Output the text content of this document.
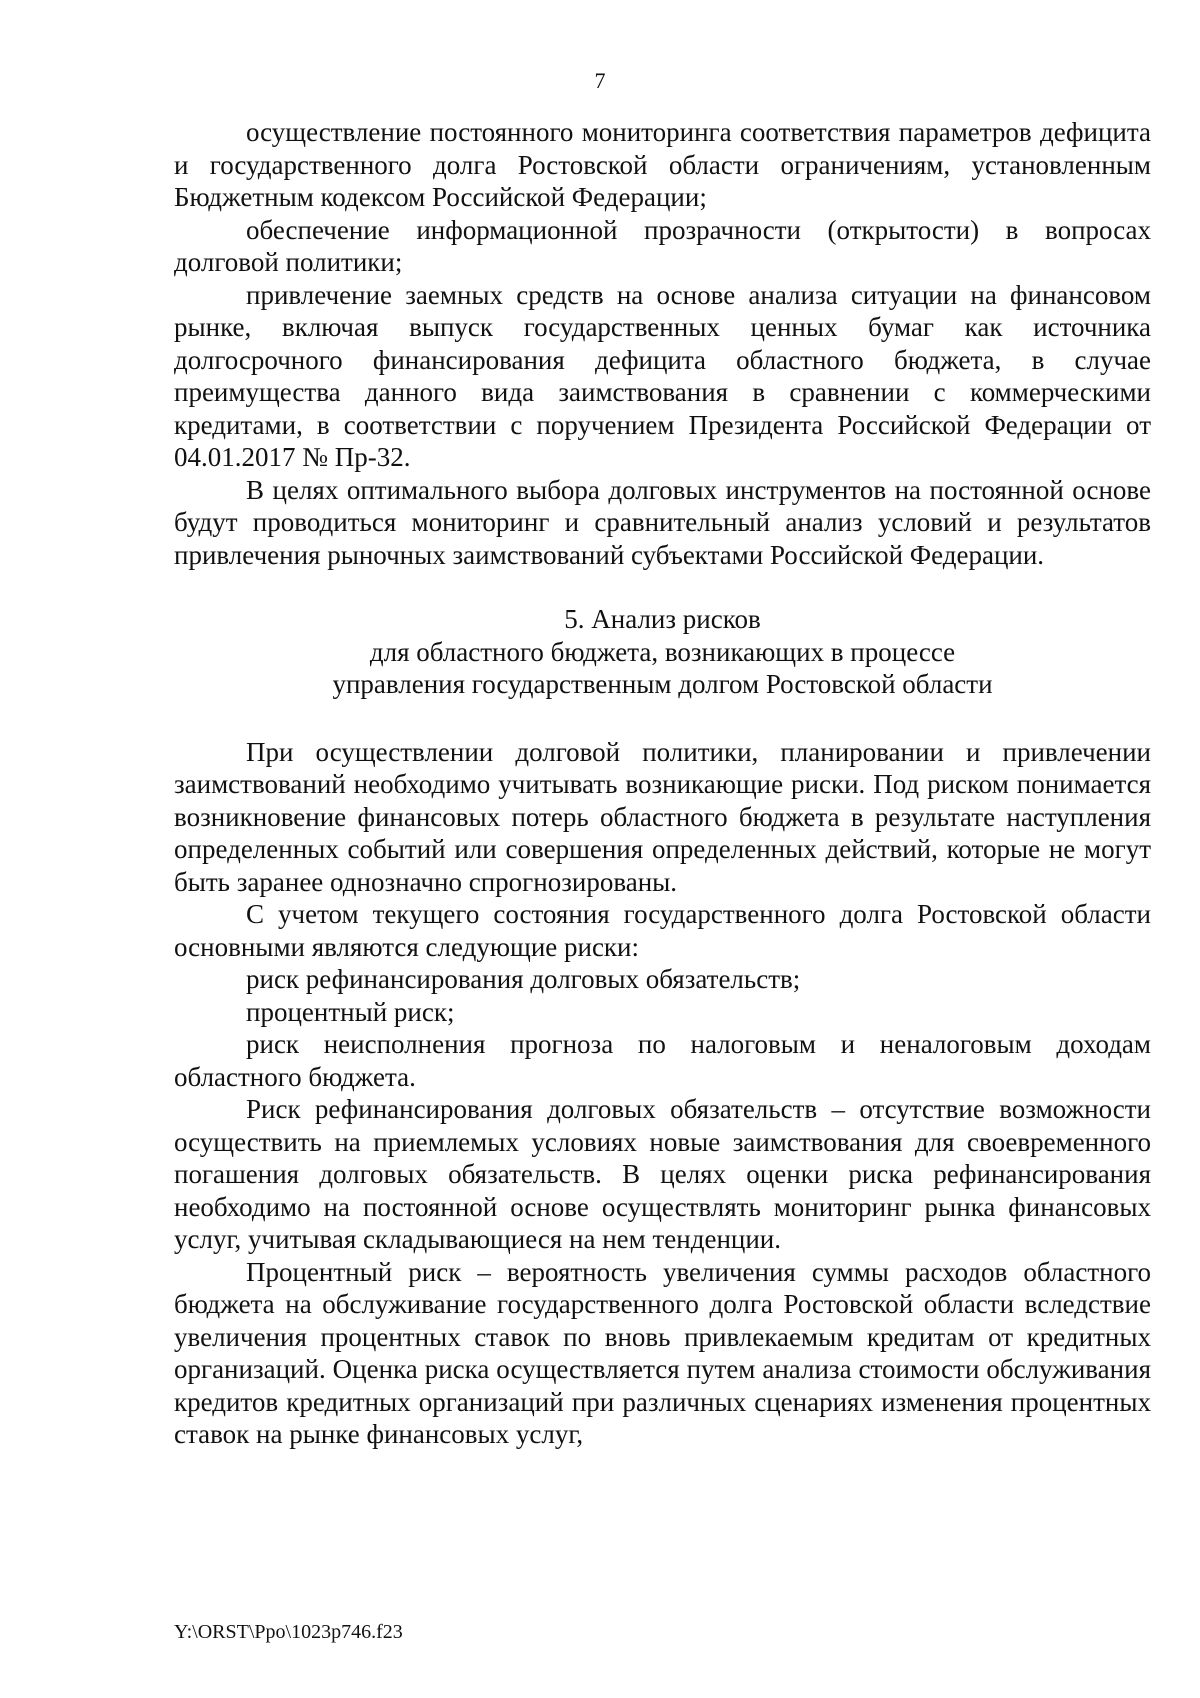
7

осуществление постоянного мониторинга соответствия параметров дефицита и государственного долга Ростовской области ограничениям, установленным Бюджетным кодексом Российской Федерации;

обеспечение информационной прозрачности (открытости) в вопросах долговой политики;

привлечение заемных средств на основе анализа ситуации на финансовом рынке, включая выпуск государственных ценных бумаг как источника долгосрочного финансирования дефицита областного бюджета, в случае преимущества данного вида заимствования в сравнении с коммерческими кредитами, в соответствии с поручением Президента Российской Федерации от 04.01.2017 № Пр-32.

В целях оптимального выбора долговых инструментов на постоянной основе будут проводиться мониторинг и сравнительный анализ условий и результатов привлечения рыночных заимствований субъектами Российской Федерации.

5. Анализ рисков
для областного бюджета, возникающих в процессе
управления государственным долгом Ростовской области

При осуществлении долговой политики, планировании и привлечении заимствований необходимо учитывать возникающие риски. Под риском понимается возникновение финансовых потерь областного бюджета в результате наступления определенных событий или совершения определенных действий, которые не могут быть заранее однозначно спрогнозированы.

С учетом текущего состояния государственного долга Ростовской области основными являются следующие риски:

риск рефинансирования долговых обязательств;

процентный риск;

риск неисполнения прогноза по налоговым и неналоговым доходам областного бюджета.

Риск рефинансирования долговых обязательств – отсутствие возможности осуществить на приемлемых условиях новые заимствования для своевременного погашения долговых обязательств. В целях оценки риска рефинансирования необходимо на постоянной основе осуществлять мониторинг рынка финансовых услуг, учитывая складывающиеся на нем тенденции.

Процентный риск – вероятность увеличения суммы расходов областного бюджета на обслуживание государственного долга Ростовской области вследствие увеличения процентных ставок по вновь привлекаемым кредитам от кредитных организаций. Оценка риска осуществляется путем анализа стоимости обслуживания кредитов кредитных организаций при различных сценариях изменения процентных ставок на рынке финансовых услуг,

Y:\ORST\Ppo\1023p746.f23
